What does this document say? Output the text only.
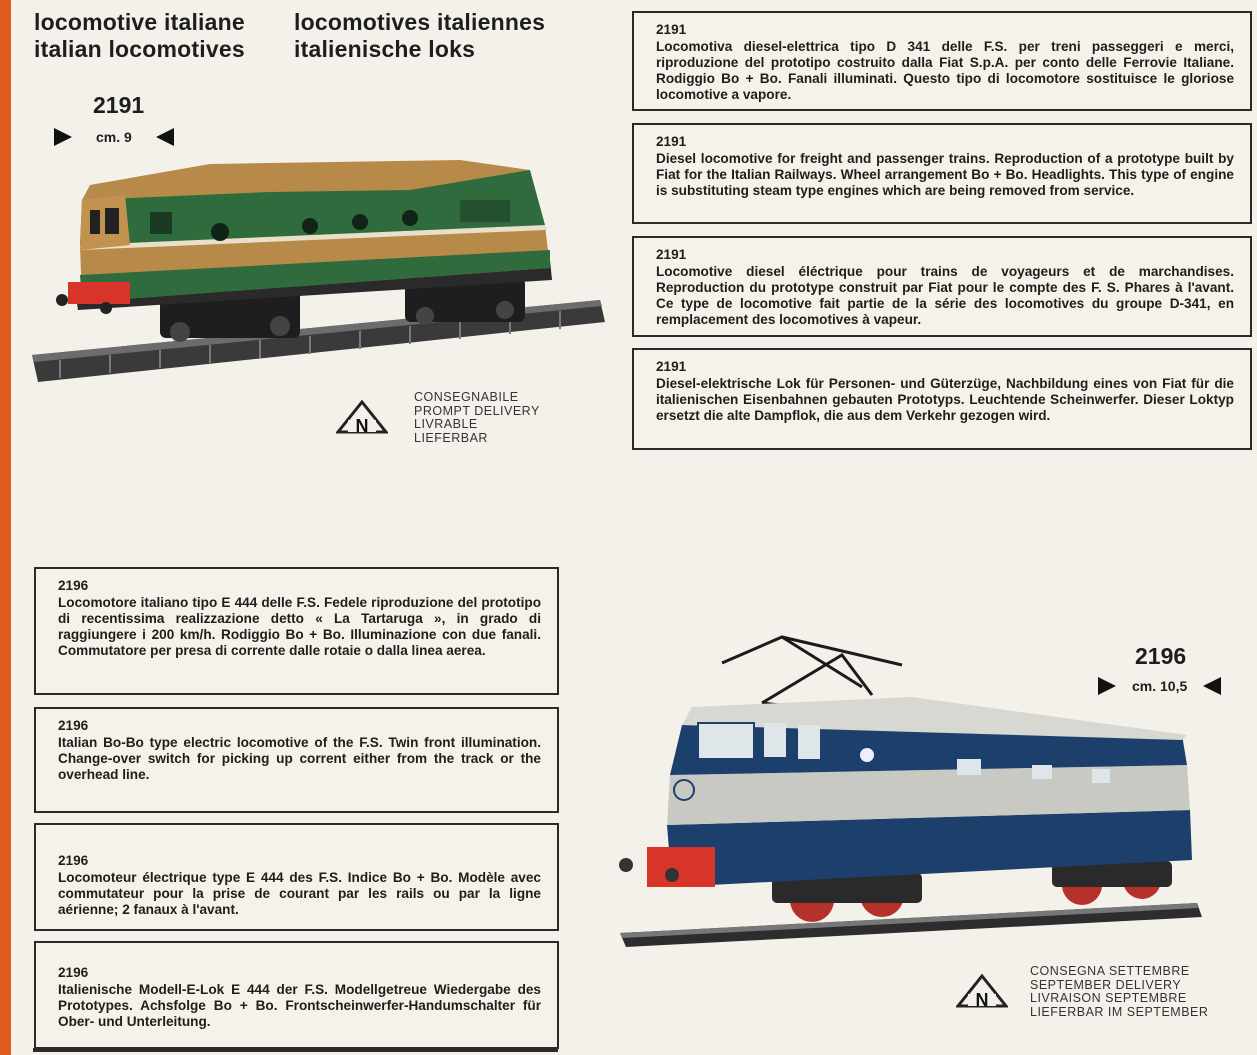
locomotive italiane
italian locomotives
locomotives italiennes
italienische loks
2191
cm. 9
N
CONSEGNABILE
PROMPT DELIVERY
LIVRABLE
LIEFERBAR
2191
Locomotiva diesel-elettrica tipo D 341 delle F.S. per treni passeggeri e merci, riproduzione del prototipo costruito dalla Fiat S.p.A. per conto delle Ferrovie Italiane. Rodiggio Bo + Bo. Fanali illuminati. Questo tipo di locomotore sostituisce le gloriose locomotive a vapore.
2191
Diesel locomotive for freight and passenger trains. Reproduction of a prototype built by Fiat for the Italian Railways. Wheel arrangement Bo + Bo. Headlights. This type of engine is substituting steam type engines which are being removed from service.
2191
Locomotive diesel éléctrique pour trains de voyageurs et de marchandises. Reproduction du prototype construit par Fiat pour le compte des F. S. Phares à l'avant. Ce type de locomotive fait partie de la série des locomotives du groupe D-341, en remplacement des locomotives à vapeur.
2191
Diesel-elektrische Lok für Personen- und Güterzüge, Nachbildung eines von Fiat für die italienischen Eisenbahnen gebauten Prototyps. Leuchtende Scheinwerfer. Dieser Loktyp ersetzt die alte Dampflok, die aus dem Verkehr gezogen wird.
2196
Locomotore italiano tipo E 444 delle F.S. Fedele riproduzione del prototipo di recentissima realizzazione detto « La Tartaruga », in grado di raggiungere i 200 km/h. Rodiggio Bo + Bo. Illuminazione con due fanali. Commutatore per presa di corrente dalle rotaie o dalla linea aerea.
2196
Italian Bo-Bo type electric locomotive of the F.S. Twin front illumination. Change-over switch for picking up corrent either from the track or the overhead line.
2196
Locomoteur électrique type E 444 des F.S. Indice Bo + Bo. Modèle avec commutateur pour la prise de courant par les rails ou par la ligne aérienne; 2 fanaux à l'avant.
2196
Italienische Modell-E-Lok E 444 der F.S. Modellgetreue Wiedergabe des Prototypes. Achsfolge Bo + Bo. Frontscheinwerfer-Handumschalter für Ober- und Unterleitung.
2196
cm. 10,5
N
CONSEGNA SETTEMBRE
SEPTEMBER DELIVERY
LIVRAISON SEPTEMBRE
LIEFERBAR IM SEPTEMBER
